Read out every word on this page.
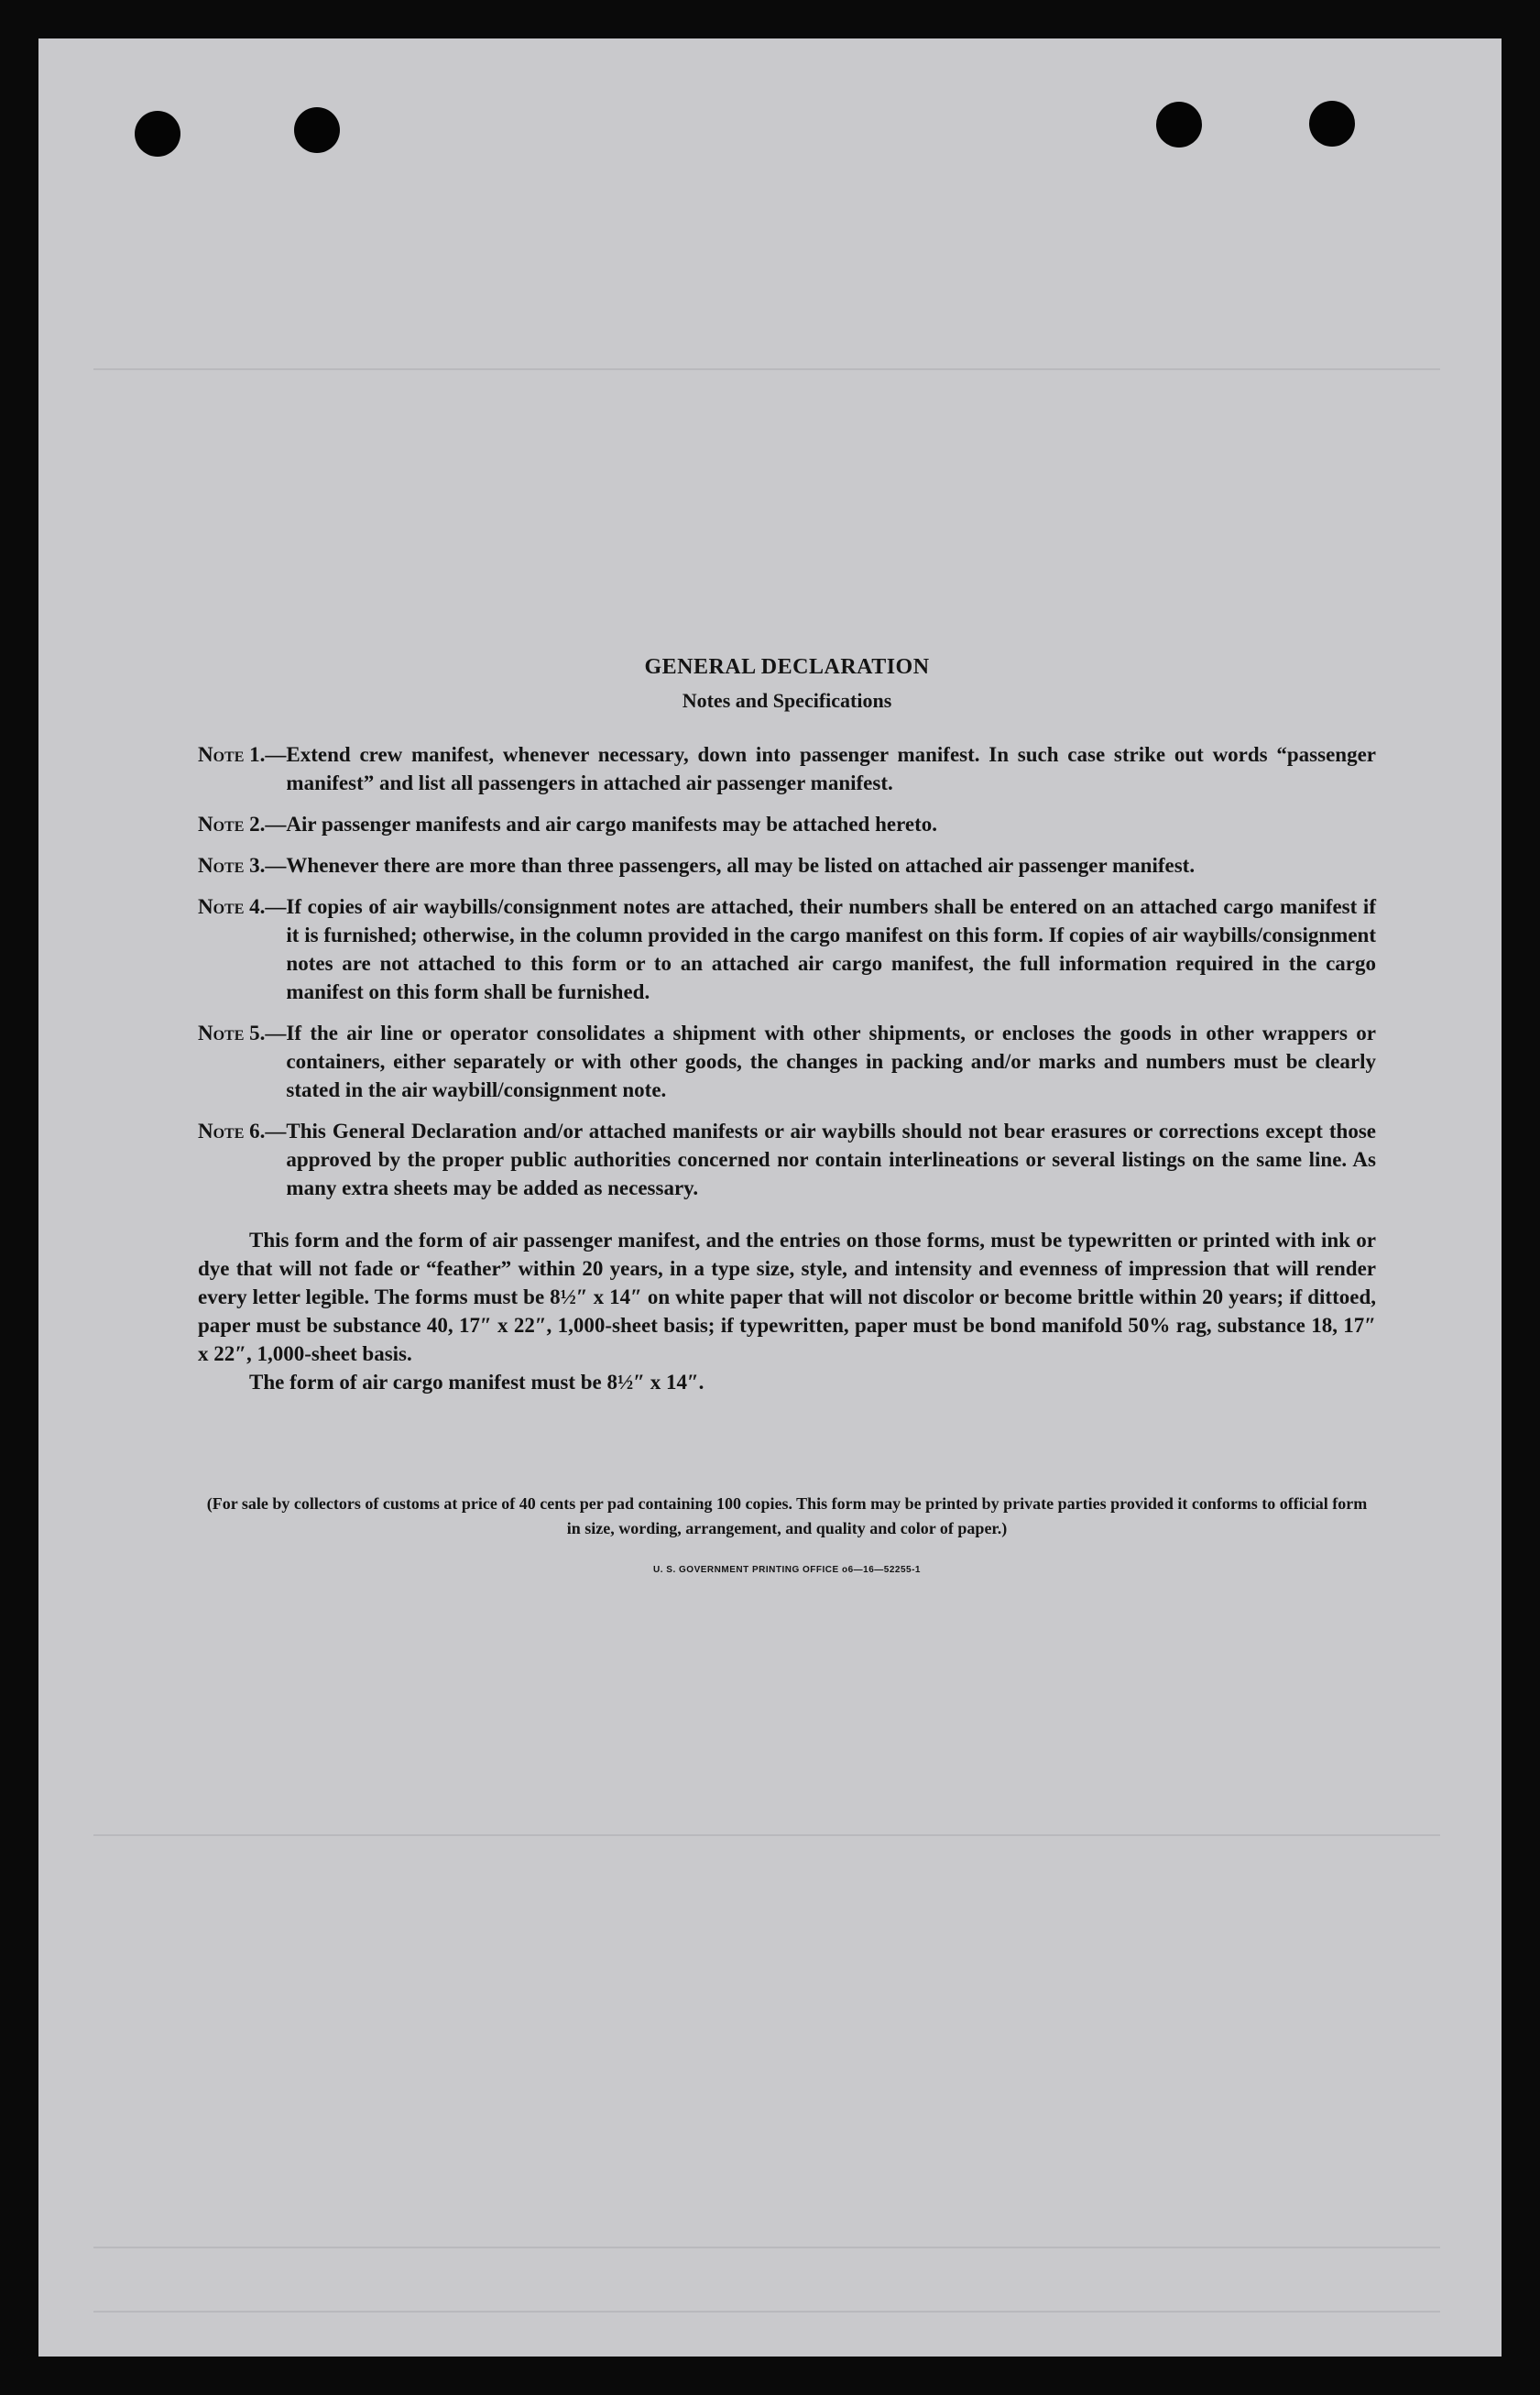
GENERAL DECLARATION
Notes and Specifications
Note 1.— Extend crew manifest, whenever necessary, down into passenger manifest. In such case strike out words “passenger manifest” and list all passengers in attached air passenger manifest.
Note 2.— Air passenger manifests and air cargo manifests may be attached hereto.
Note 3.— Whenever there are more than three passengers, all may be listed on attached air passenger manifest.
Note 4.— If copies of air waybills/consignment notes are attached, their numbers shall be entered on an attached cargo manifest if it is furnished; otherwise, in the column provided in the cargo manifest on this form. If copies of air waybills/consignment notes are not attached to this form or to an attached air cargo manifest, the full information required in the cargo manifest on this form shall be furnished.
Note 5.— If the air line or operator consolidates a shipment with other shipments, or encloses the goods in other wrappers or containers, either separately or with other goods, the changes in packing and/or marks and numbers must be clearly stated in the air waybill/consignment note.
Note 6.— This General Declaration and/or attached manifests or air waybills should not bear erasures or corrections except those approved by the proper public authorities concerned nor contain interlineations or several listings on the same line. As many extra sheets may be added as necessary.

This form and the form of air passenger manifest, and the entries on those forms, must be typewritten or printed with ink or dye that will not fade or “feather” within 20 years, in a type size, style, and intensity and evenness of impression that will render every letter legible. The forms must be 8½″ x 14″ on white paper that will not discolor or become brittle within 20 years; if dittoed, paper must be substance 40, 17″ x 22″, 1,000-sheet basis; if typewritten, paper must be bond manifold 50% rag, substance 18, 17″ x 22″, 1,000-sheet basis.

The form of air cargo manifest must be 8½″ x 14″.

(For sale by collectors of customs at price of 40 cents per pad containing 100 copies. This form may be printed by private parties provided it conforms to official form in size, wording, arrangement, and quality and color of paper.)

U. S. GOVERNMENT PRINTING OFFICE o6—16—52255-1
